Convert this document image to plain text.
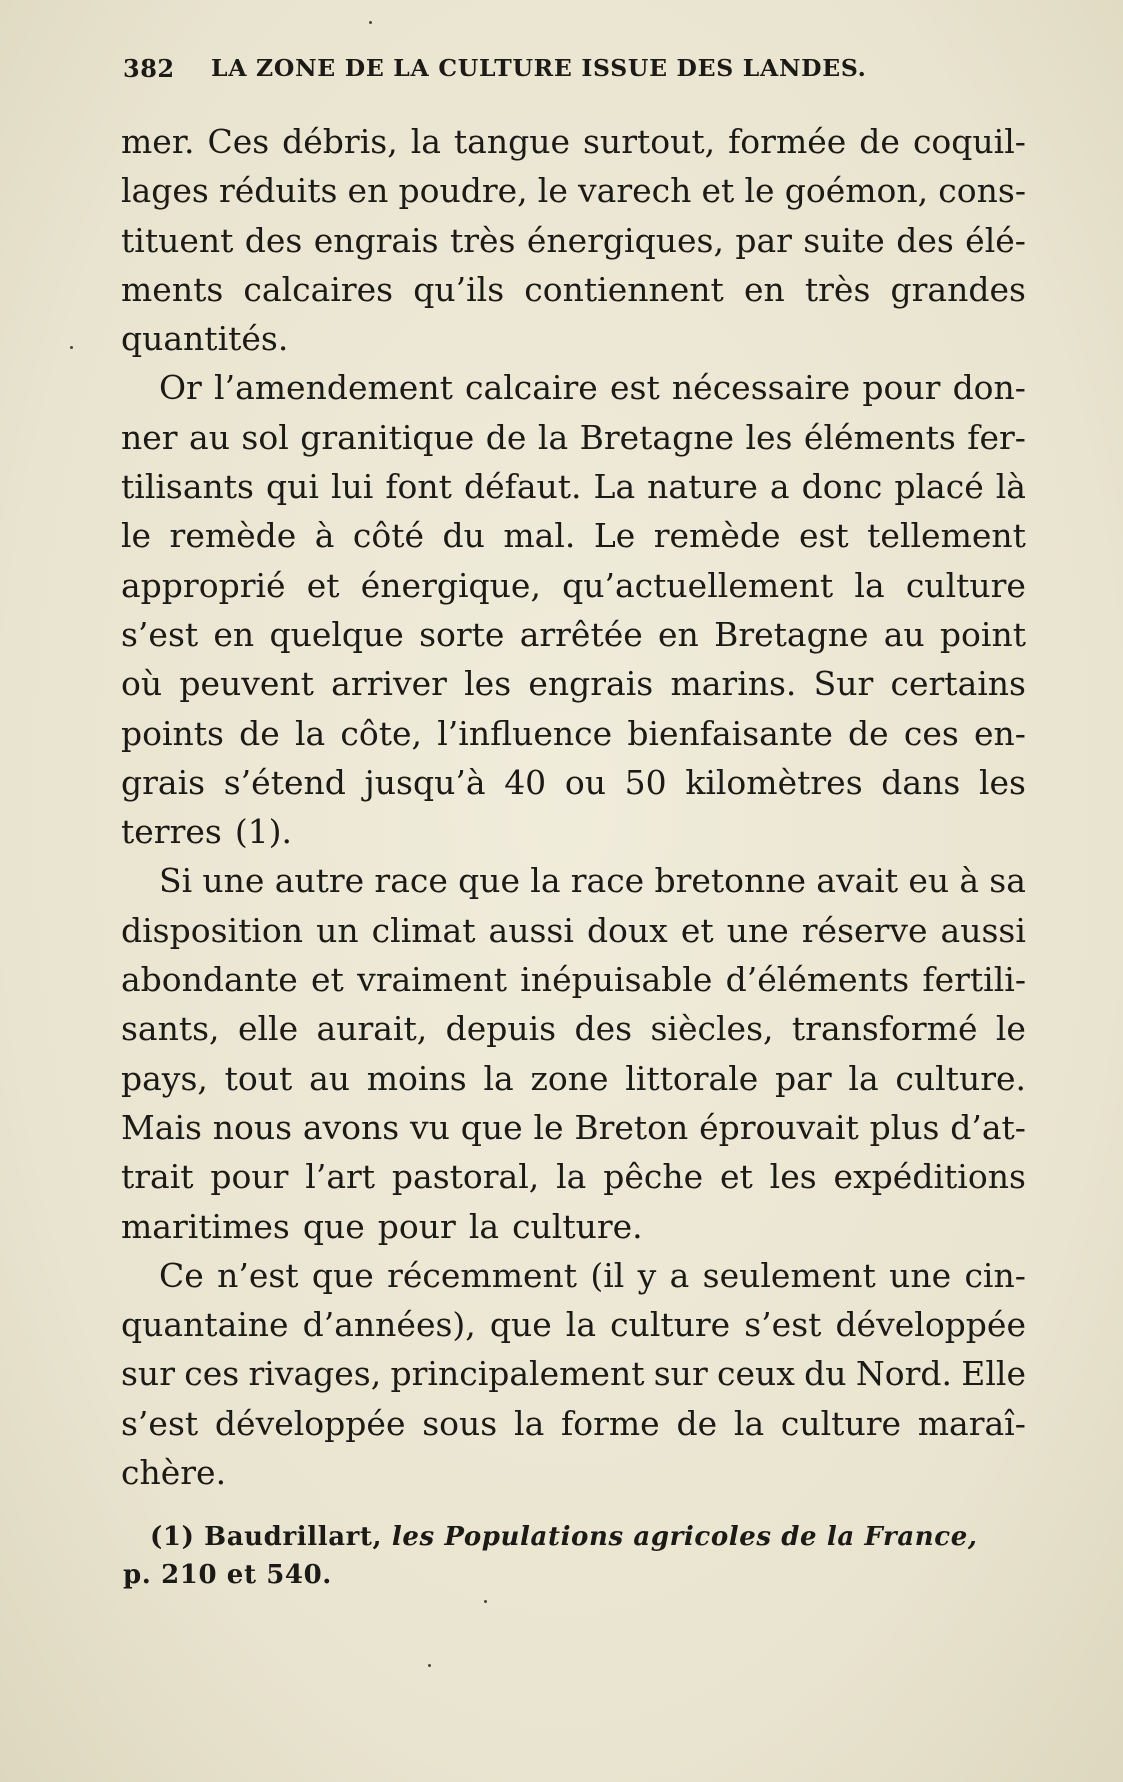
382 LA ZONE DE LA CULTURE ISSUE DES LANDES.
mer. Ces débris, la tangue surtout, formée de coquil-
lages réduits en poudre, le varech et le goémon, cons-
tituent des engrais très énergiques, par suite des élé-
ments calcaires qu’ils contiennent en très grandes
quantités.
Or l’amendement calcaire est nécessaire pour don-
ner au sol granitique de la Bretagne les éléments fer-
tilisants qui lui font défaut. La nature a donc placé là
le remède à côté du mal. Le remède est tellement
approprié et énergique, qu’actuellement la culture
s’est en quelque sorte arrêtée en Bretagne au point
où peuvent arriver les engrais marins. Sur certains
points de la côte, l’influence bienfaisante de ces en-
grais s’étend jusqu’à 40 ou 50 kilomètres dans les
terres (1).
Si une autre race que la race bretonne avait eu à sa
disposition un climat aussi doux et une réserve aussi
abondante et vraiment inépuisable d’éléments fertili-
sants, elle aurait, depuis des siècles, transformé le
pays, tout au moins la zone littorale par la culture.
Mais nous avons vu que le Breton éprouvait plus d’at-
trait pour l’art pastoral, la pêche et les expéditions
maritimes que pour la culture.
Ce n’est que récemment (il y a seulement une cin-
quantaine d’années), que la culture s’est développée
sur ces rivages, principalement sur ceux du Nord. Elle
s’est développée sous la forme de la culture maraî-
chère.
(1) Baudrillart, les Populations agricoles de la France,
p. 210 et 540.
